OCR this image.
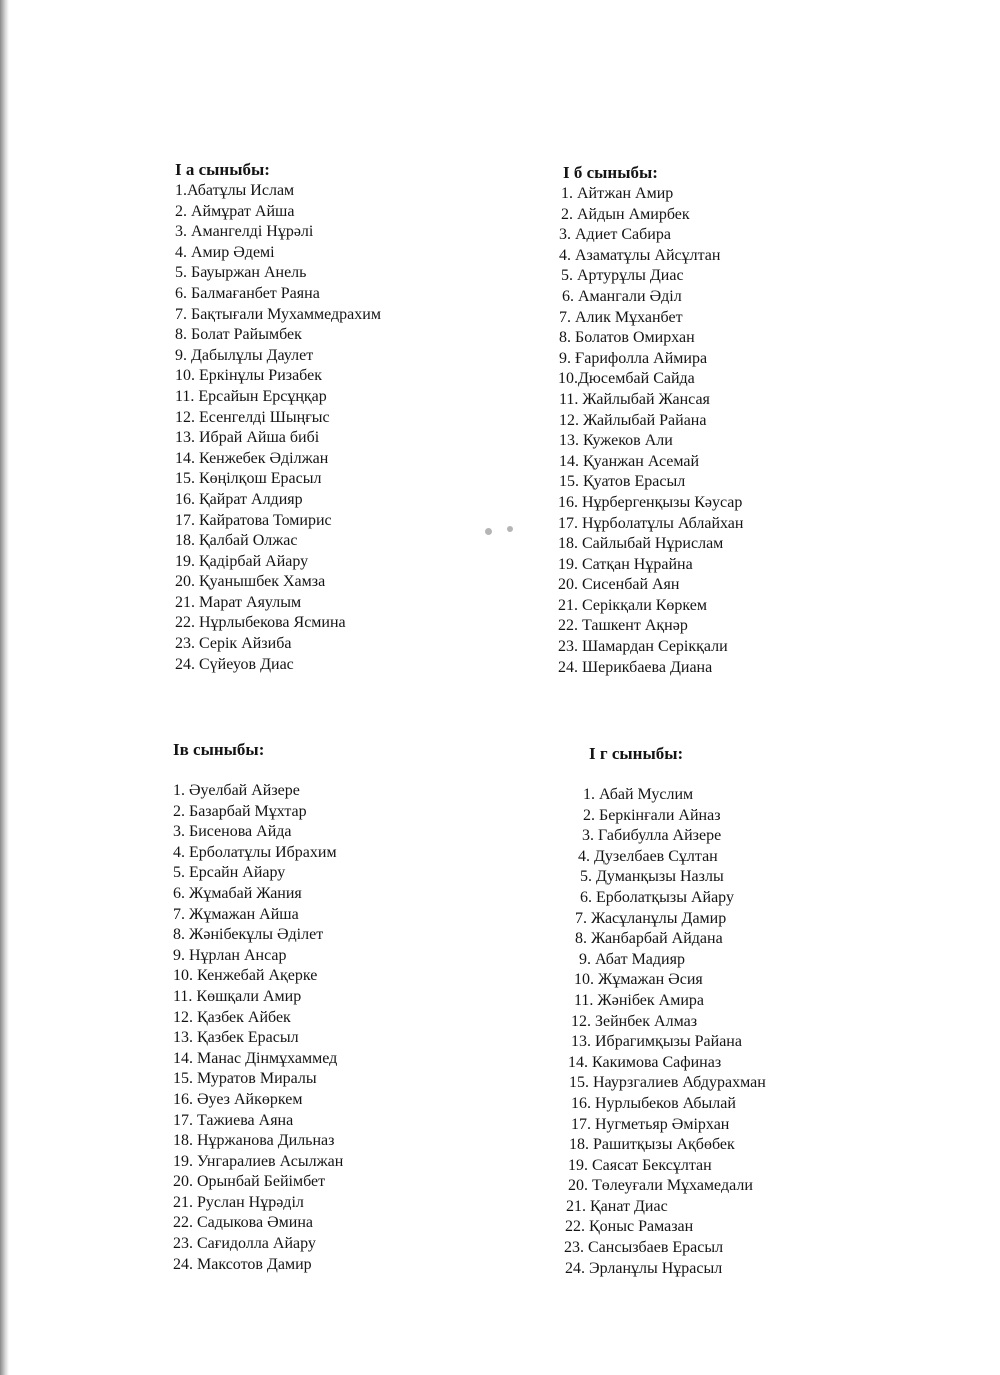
I а сыныбы:
1.Абатұлы Ислам
2. Аймұрат Айша
3. Амангелді Нұрәлі
4. Амир Әдемі
5. Бауыржан Анель
6. Балмағанбет Раяна
7. Бақтығали Мухаммедрахим
8. Болат Райымбек
9. Дабылұлы Даулет
10. Еркінұлы Ризабек
11. Ерсайын Ерсұңқар
12. Есенгелді Шыңғыс
13. Ибрай Айша бибі
14. Кенжебек Әділжан
15. Көңілқош Ерасыл
16. Қайрат Алдияр
17. Кайратова Томирис
18. Қалбай Олжас
19. Қадірбай Айару
20. Қуанышбек Хамза
21. Марат Аяулым
22. Нұрлыбекова Ясмина
23. Серік Айзиба
24. Сүйеуов Диас
I б сыныбы:
1. Айтжан Амир
2. Айдын Амирбек
3. Адиет Сабира
4. Азаматұлы Айсұлтан
5. Артурұлы Диас
6. Амангали Әділ
7. Алик Мұханбет
8. Болатов Омирхан
9. Ғарифолла Аймира
10.Дюсембай Сайда
11. Жайлыбай Жансая
12. Жайлыбай Райана
13. Кужеков Али
14. Қуанжан Асемай
15. Қуатов Ерасыл
16. Нұрбергенқызы Кәусар
17. Нұрболатұлы Аблайхан
18. Сайлыбай Нұрислам
19. Сатқан Нұрайна
20. Сисенбай Аян
21. Серікқали Көркем
22. Ташкент Ақнәр
23. Шамардан Серікқали
24. Шерикбаева Диана
Iв сыныбы:
1. Әуелбай Айзере
2. Базарбай Мұхтар
3. Бисенова Айда
4. Ерболатұлы Ибрахим
5. Ерсайн Айару
6. Жұмабай Жания
7. Жұмажан Айша
8. Жәнібекұлы Әділет
9. Нұрлан Ансар
10. Кенжебай Ақерке
11. Көшқали Амир
12. Қазбек Айбек
13. Қазбек Ерасыл
14. Манас Дінмұхаммед
15. Муратов Миралы
16. Әуез Айкөркем
17. Тажиева Аяна
18. Нұржанова Дильназ
19. Унгаралиев Асылжан
20. Орынбай Бейімбет
21. Руслан Нұрәділ
22. Садыкова Әмина
23. Сағидолла Айару
24. Максотов Дамир
I г сыныбы:
1. Абай Муслим
2. Беркінғали Айназ
3. Габибулла Айзере
4. Дузелбаев Сұлтан
5. Думанқызы Назлы
6. Ерболатқызы Айару
7. Жасұланұлы Дамир
8. Жанбарбай Айдана
9. Абат Мадияр
10. Жұмажан Әсия
11. Жәнібек Амира
12. Зейнбек Алмаз
13. Ибрагимқызы Райана
14. Какимова Сафиназ
15. Наурзгалиев Абдурахман
16. Нурлыбеков Абылай
17. Нугметьяр Әмірхан
18. Рашитқызы Ақбөбек
19. Саясат Бексұлтан
20. Төлеуғали Мұхамедали
21. Қанат Диас
22. Қоныс Рамазан
23. Сансызбаев Ерасыл
24. Эрланұлы Нұрасыл
